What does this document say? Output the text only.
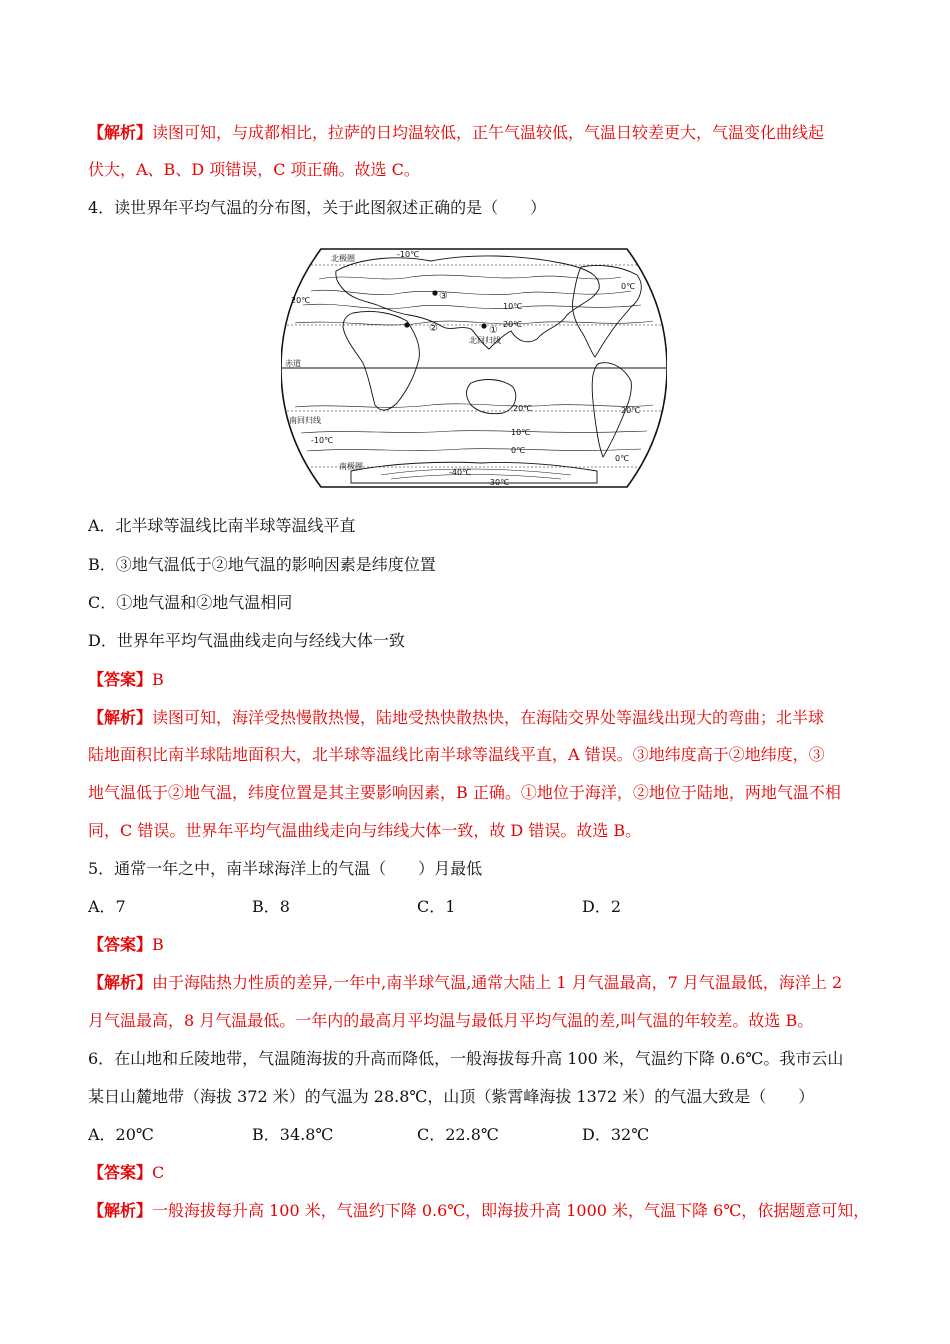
【解析】读图可知，与成都相比，拉萨的日均温较低，正午气温较低，气温日较差更大，气温变化曲线起
伏大，A、B、D 项错误，C 项正确。故选 C。
4．读世界年平均气温的分布图，关于此图叙述正确的是（　　）
北极圈
北回归线
赤道
南回归线
南极圈
③
②	①
-10℃
0℃
10℃
20℃
20℃
20℃	20℃
10℃
-10℃
0℃
0℃
-40℃
-30℃
A．北半球等温线比南半球等温线平直
B．③地气温低于②地气温的影响因素是纬度位置
C．①地气温和②地气温相同
D．世界年平均气温曲线走向与经线大体一致
【答案】B
【解析】读图可知，海洋受热慢散热慢，陆地受热快散热快，在海陆交界处等温线出现大的弯曲；北半球
陆地面积比南半球陆地面积大，北半球等温线比南半球等温线平直，A 错误。③地纬度高于②地纬度，③
地气温低于②地气温，纬度位置是其主要影响因素，B 正确。①地位于海洋，②地位于陆地，两地气温不相
同，C 错误。世界年平均气温曲线走向与纬线大体一致，故 D 错误。故选 B。
5．通常一年之中，南半球海洋上的气温（　　）月最低
A．7	B．8	C．1	D．2
【答案】B
【解析】由于海陆热力性质的差异,一年中,南半球气温,通常大陆上 1 月气温最高，7 月气温最低，海洋上 2
月气温最高，8 月气温最低。一年内的最高月平均温与最低月平均气温的差,叫气温的年较差。故选 B。
6．在山地和丘陵地带，气温随海拔的升高而降低，一般海拔每升高 100 米，气温约下降 0.6℃。我市云山
某日山麓地带（海拔 372 米）的气温为 28.8℃，山顶（紫霄峰海拔 1372 米）的气温大致是（　　）
A．20℃	B．34.8℃	C．22.8℃	D．32℃
【答案】C
【解析】一般海拔每升高 100 米，气温约下降 0.6℃，即海拔升高 1000 米，气温下降 6℃，依据题意可知，
